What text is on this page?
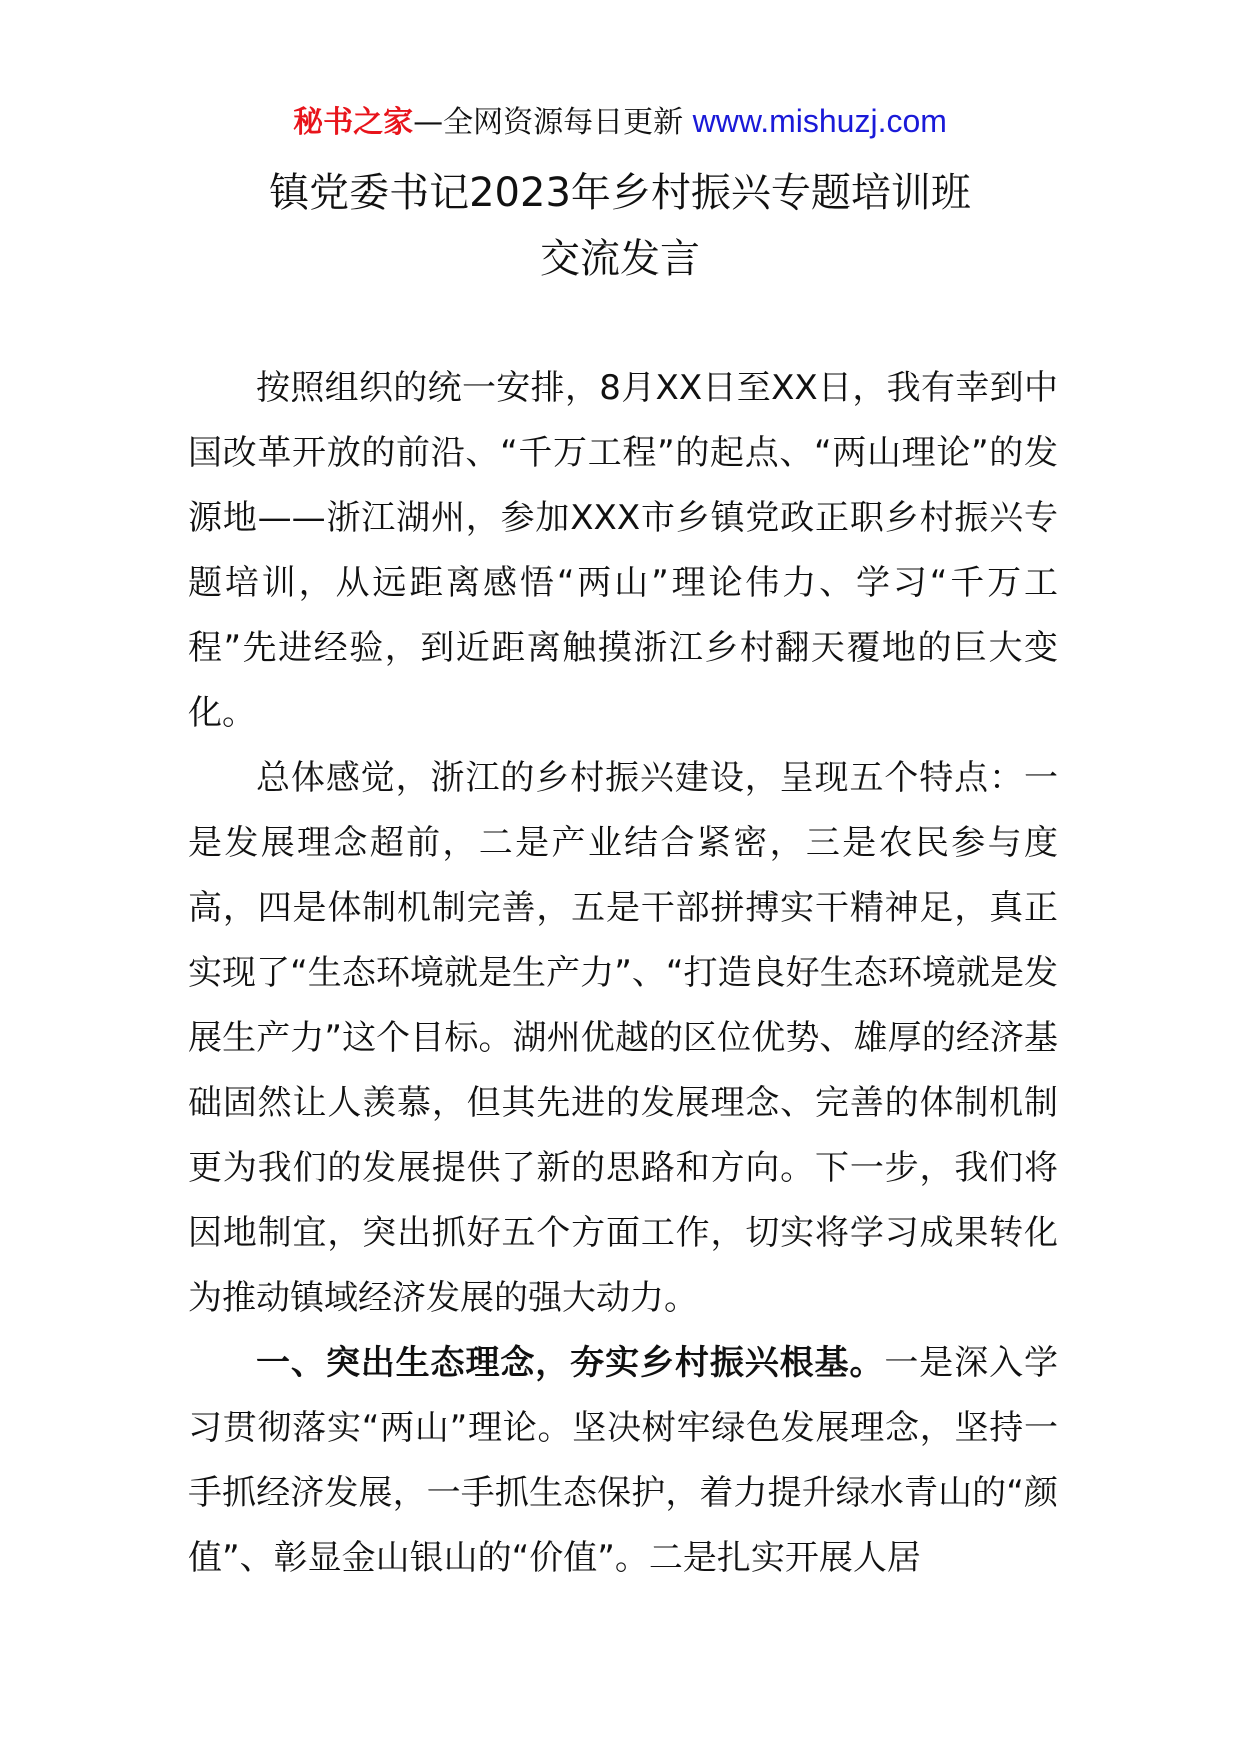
秘书之家—全网资源每日更新 www.mishuzj.com
镇党委书记2023年乡村振兴专题培训班
交流发言

按照组织的统一安排，8月XX日至XX日，我有幸到中国改革开放的前沿、“千万工程”的起点、“两山理论”的发源地——浙江湖州，参加XXX市乡镇党政正职乡村振兴专题培训，从远距离感悟“两山”理论伟力、学习“千万工程”先进经验，到近距离触摸浙江乡村翻天覆地的巨大变化。

总体感觉，浙江的乡村振兴建设，呈现五个特点：一是发展理念超前，二是产业结合紧密，三是农民参与度高，四是体制机制完善，五是干部拼搏实干精神足，真正实现了“生态环境就是生产力”、“打造良好生态环境就是发展生产力”这个目标。湖州优越的区位优势、雄厚的经济基础固然让人羡慕，但其先进的发展理念、完善的体制机制更为我们的发展提供了新的思路和方向。下一步，我们将因地制宜，突出抓好五个方面工作，切实将学习成果转化为推动镇域经济发展的强大动力。

一、突出生态理念，夯实乡村振兴根基。一是深入学习贯彻落实“两山”理论。坚决树牢绿色发展理念，坚持一手抓经济发展，一手抓生态保护，着力提升绿水青山的“颜值”、彰显金山银山的“价值”。二是扎实开展人居
